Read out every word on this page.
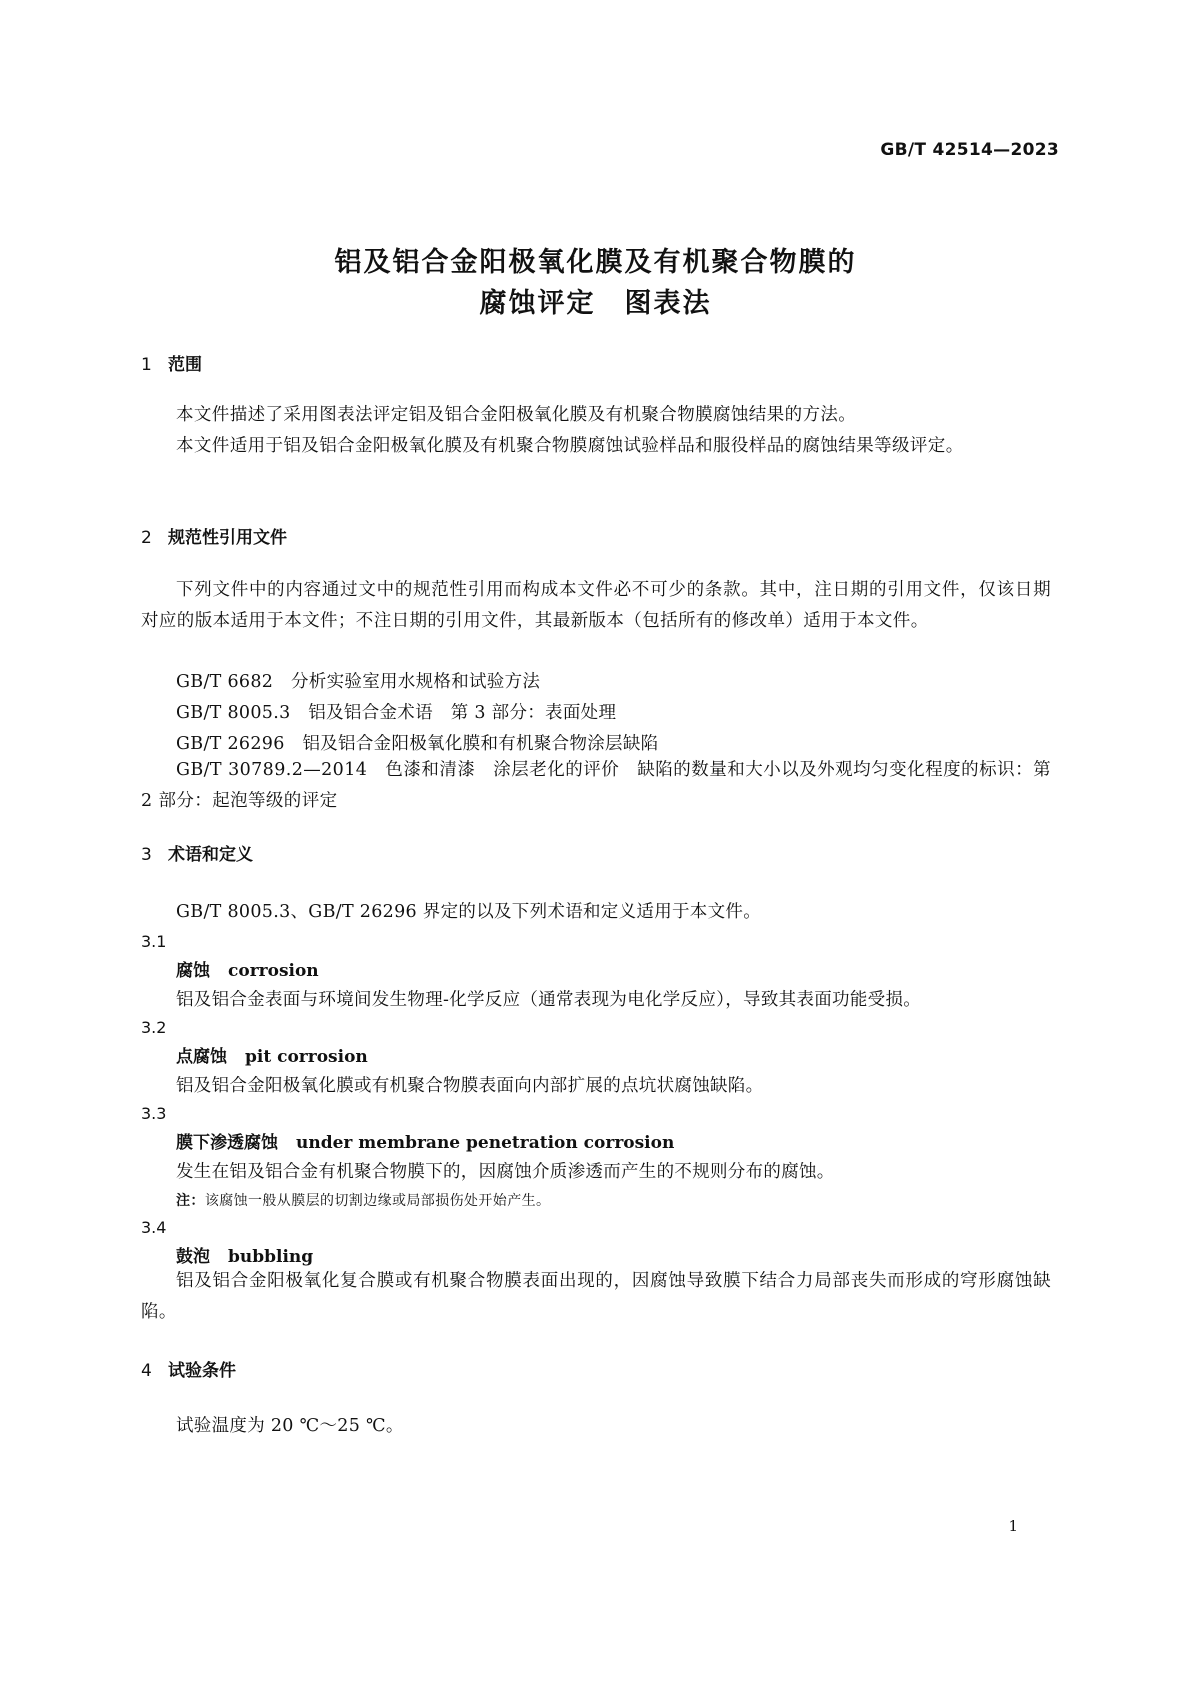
GB/T 42514—2023
铝及铝合金阳极氧化膜及有机聚合物膜的
腐蚀评定　图表法
1 范围
本文件描述了采用图表法评定铝及铝合金阳极氧化膜及有机聚合物膜腐蚀结果的方法。
本文件适用于铝及铝合金阳极氧化膜及有机聚合物膜腐蚀试验样品和服役样品的腐蚀结果等级评定。
2 规范性引用文件
下列文件中的内容通过文中的规范性引用而构成本文件必不可少的条款。其中，注日期的引用文件，仅该日期对应的版本适用于本文件；不注日期的引用文件，其最新版本（包括所有的修改单）适用于本文件。
GB/T 6682　分析实验室用水规格和试验方法
GB/T 8005.3　铝及铝合金术语　第 3 部分：表面处理
GB/T 26296　铝及铝合金阳极氧化膜和有机聚合物涂层缺陷
GB/T 30789.2—2014　色漆和清漆　涂层老化的评价　缺陷的数量和大小以及外观均匀变化程度的标识：第 2 部分：起泡等级的评定
3 术语和定义
GB/T 8005.3、GB/T 26296 界定的以及下列术语和定义适用于本文件。
3.1
腐蚀 corrosion
铝及铝合金表面与环境间发生物理-化学反应（通常表现为电化学反应），导致其表面功能受损。
3.2
点腐蚀 pit corrosion
铝及铝合金阳极氧化膜或有机聚合物膜表面向内部扩展的点坑状腐蚀缺陷。
3.3
膜下渗透腐蚀 under membrane penetration corrosion
发生在铝及铝合金有机聚合物膜下的，因腐蚀介质渗透而产生的不规则分布的腐蚀。
注：该腐蚀一般从膜层的切割边缘或局部损伤处开始产生。
3.4
鼓泡 bubbling
铝及铝合金阳极氧化复合膜或有机聚合物膜表面出现的，因腐蚀导致膜下结合力局部丧失而形成的穹形腐蚀缺陷。
4 试验条件
试验温度为 20 ℃～25 ℃。
1
